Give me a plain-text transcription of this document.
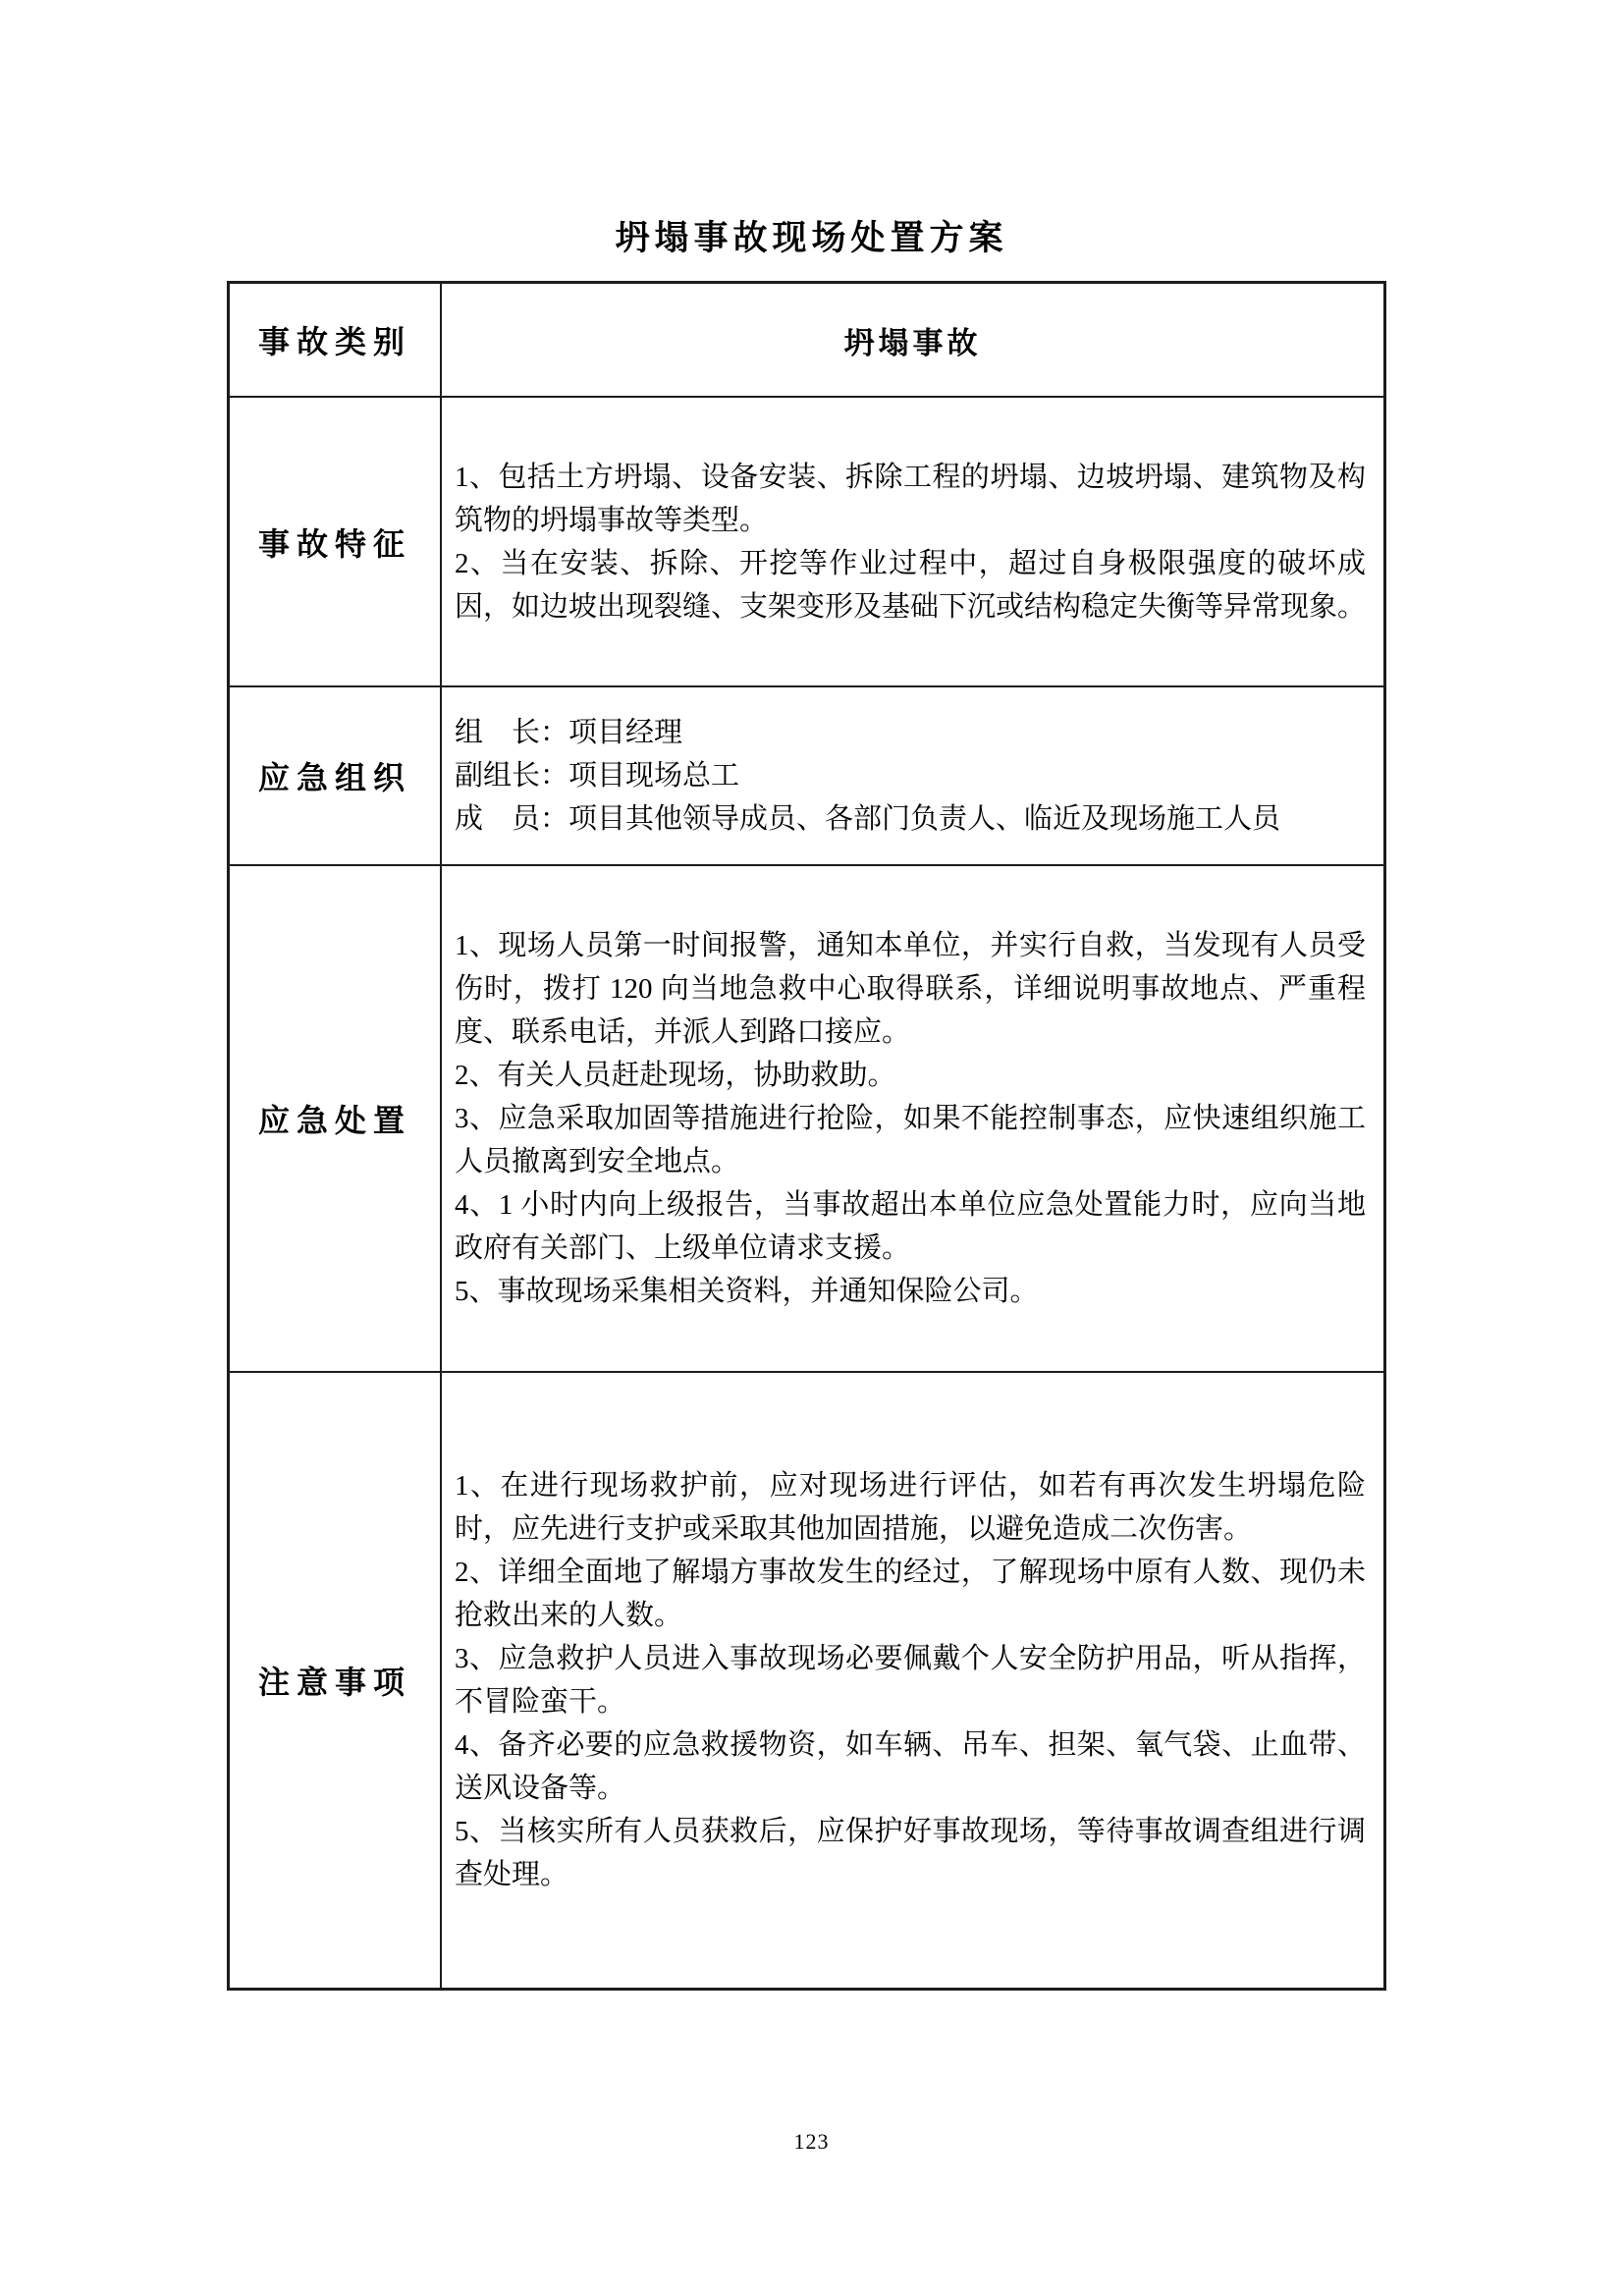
坍塌事故现场处置方案
事故类别	坍塌事故
事故特征	1、包括土方坍塌、设备安装、拆除工程的坍塌、边坡坍塌、建筑物及构筑物的坍塌事故等类型。

2、当在安装、拆除、开挖等作业过程中，超过自身极限强度的破坏成因，如边坡出现裂缝、支架变形及基础下沉或结构稳定失衡等异常现象。

应急组织	组　长：项目经理

副组长：项目现场总工

成　员：项目其他领导成员、各部门负责人、临近及现场施工人员

应急处置	1、现场人员第一时间报警，通知本单位，并实行自救，当发现有人员受伤时，拨打 120 向当地急救中心取得联系，详细说明事故地点、严重程度、联系电话，并派人到路口接应。

2、有关人员赶赴现场，协助救助。

3、应急采取加固等措施进行抢险，如果不能控制事态，应快速组织施工人员撤离到安全地点。

4、1 小时内向上级报告，当事故超出本单位应急处置能力时，应向当地政府有关部门、上级单位请求支援。

5、事故现场采集相关资料，并通知保险公司。

注意事项	1、在进行现场救护前，应对现场进行评估，如若有再次发生坍塌危险时，应先进行支护或采取其他加固措施，以避免造成二次伤害。

2、详细全面地了解塌方事故发生的经过，了解现场中原有人数、现仍未抢救出来的人数。

3、应急救护人员进入事故现场必要佩戴个人安全防护用品，听从指挥，不冒险蛮干。

4、备齐必要的应急救援物资，如车辆、吊车、担架、氧气袋、止血带、送风设备等。

5、当核实所有人员获救后，应保护好事故现场，等待事故调查组进行调查处理。

123
